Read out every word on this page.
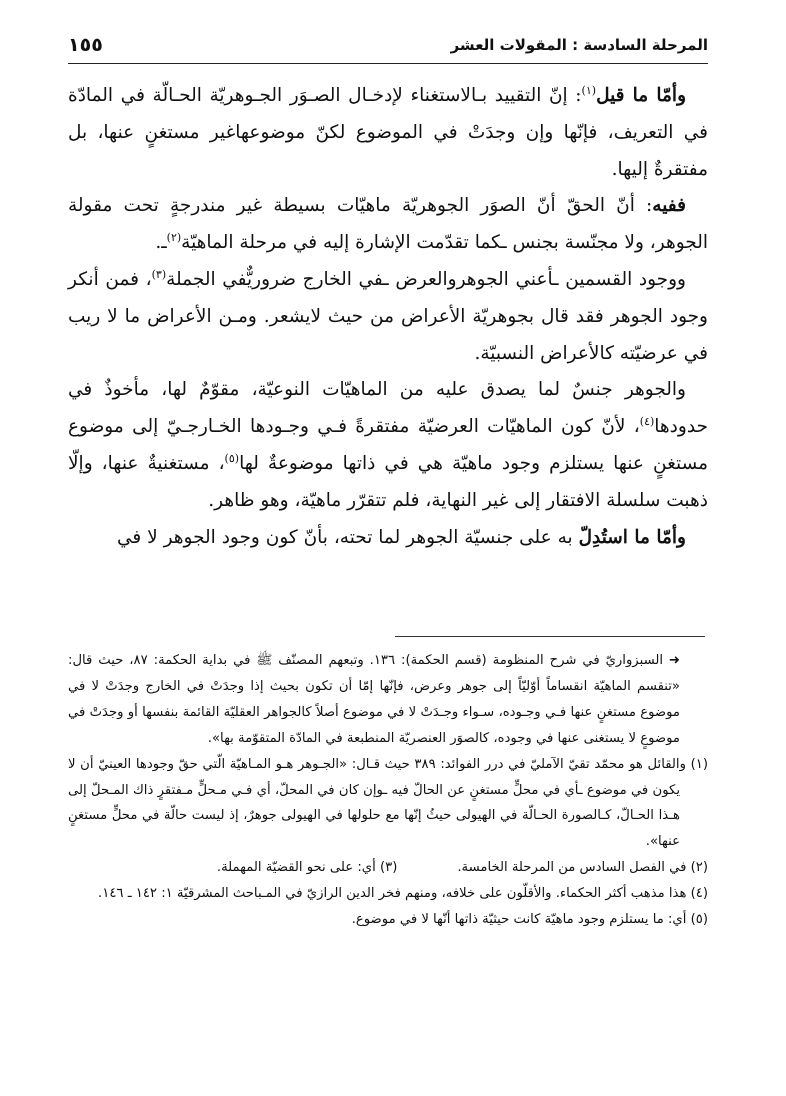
المرحلة السادسة : المقولات العشر
١٥٥

وأمّا ما قيل$^{(١)}$: إنّ التقييد بـالاستغناء لإدخـال الصـوَر الجـوهريّة الحـالّة في المادّة في التعريف، فإنّها وإن وجدَتْ في الموضوع لكنّ موضوعهاغير مستغنٍ عنها، بل مفتقرةٌ إليها.

ففيه: أنّ الحقّ أنّ الصوَر الجوهريّة ماهيّات بسيطة غير مندرجةٍ تحت مقولة الجوهر، ولا مجنّسة بجنس ـكما تقدّمت الإشارة إليه في مرحلة الماهيّة$^{(٢)}$ـ.

ووجود القسمين ـأعني الجوهروالعرض ـفي الخارج ضروريٌّفي الجملة$^{(٣)}$، فمن أنكر وجود الجوهر فقد قال بجوهريّة الأعراض من حيث لايشعر. ومـن الأعراض ما لا ريب في عرضيّته كالأعراض النسبيّة.

والجوهر جنسٌ لما يصدق عليه من الماهيّات النوعيّة، مقوّمٌ لها، مأخوذٌ في حدودها$^{(٤)}$، لأنّ كون الماهيّات العرضيّة مفتقرةً فـي وجـودها الخـارجـيّ إلى موضوع مستغنٍ عنها يستلزم وجود ماهيّة هي في ذاتها موضوعةٌ لها$^{(٥)}$، مستغنيةٌ عنها، وإلّا ذهبت سلسلة الافتقار إلى غير النهاية، فلم تتقرّر ماهيّة، وهو ظاهر.

وأمّا ما استُدِلّ به على جنسيّة الجوهر لما تحته، بأنّ كون وجود الجوهر لا في

➜ السبزواريّ في شرح المنظومة (قسم الحكمة): ١٣٦. وتبعهم المصنّف ﷺ في بداية الحكمة: ٨٧، حيث قال: «تنقسم الماهيّة انقساماً أوّليّاً إلى جوهر وعرض، فإنّها إمّا أن تكون بحيث إذا وجدَتْ في الخارج وجدَتْ لا في موضوع مستغنٍ عنها فـي وجـوده، سـواء وجـدَتْ لا في موضوع أصلاً كالجواهر العقليّة القائمة بنفسها أو وجدَتْ في موضوعٍ لا يستغنى عنها في وجوده، كالصوَر العنصريّة المنطبعة في المادّة المتقوّمة بها».

(١) والقائل هو محمّد تقيّ الآمليّ في درر الفوائد: ٣٨٩ حيث قـال: «الجـوهر هـو المـاهيّة الّتي حقّ وجودها العينيّ أن لا يكون في موضوع ـأي في محلٍّ مستغنٍ عن الحالّ فيه ـوإن كان في المحلّ، أي فـي مـحلٍّ مـفتقرٍ ذاك المـحلّ إلى هـذا الحـالّ، كـالصورة الحـالّة في الهيولى حيثُ إنّها مع حلولها في الهيولى جوهرٌ، إذ ليست حالّة في محلٍّ مستغنٍ عنها».

(٢) في الفصل السادس من المرحلة الخامسة.
(٣) أي: على نحو القضيّة المهملة.

(٤) هذا مذهب أكثر الحكماء. والأقلّون على خلافه، ومنهم فخر الدين الرازيّ في المـباحث المشرقيّة ١: ١٤٢ ـ ١٤٦.

(٥) أي: ما يستلزم وجود ماهيّة كانت حيثيّة ذاتها أنّها لا في موضوع.
